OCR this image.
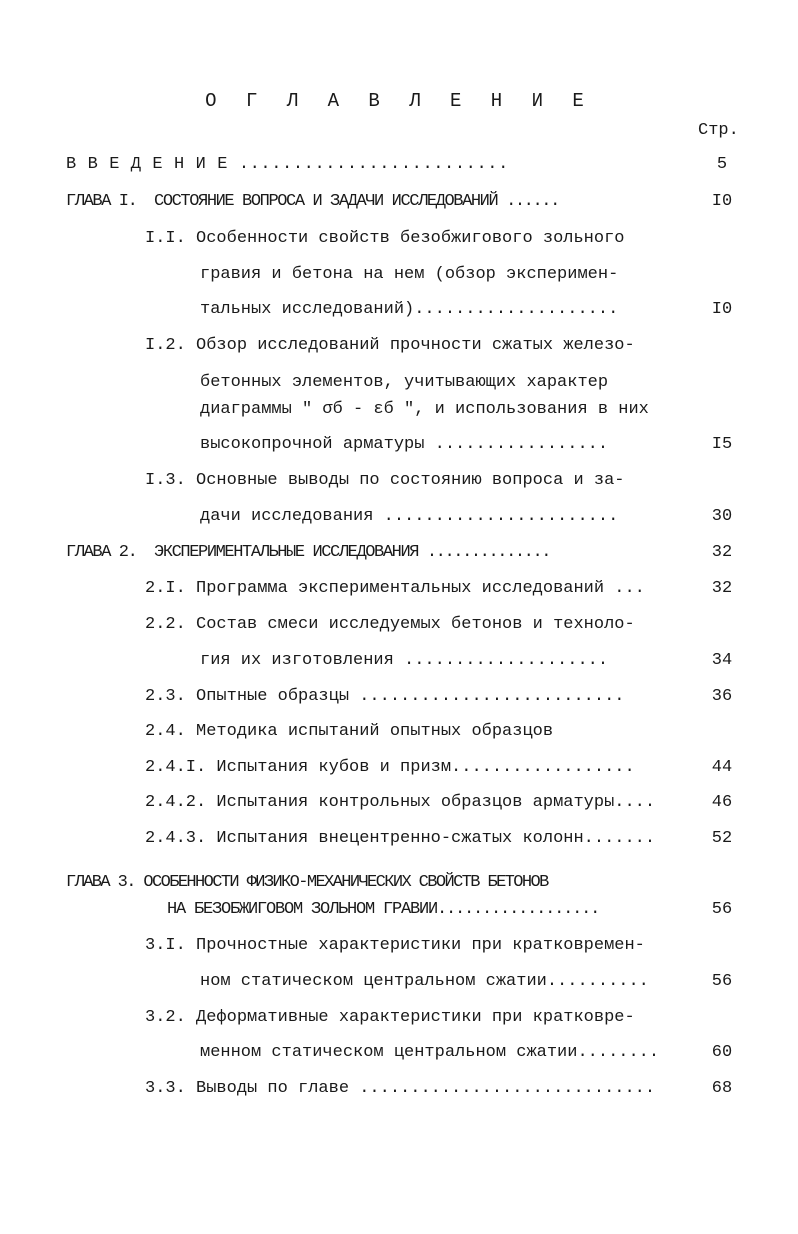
О Г Л А В Л Е Н И Е
Стр.
В В Е Д Е Н И Е .........................	5
ГЛАВА I.  СОСТОЯНИЕ ВОПРОСА И ЗАДАЧИ ИССЛЕДОВАНИЙ ......	I0
I.I. Особенности свойств безобжигового зольного
гравия и бетона на нем (обзор эксперимен-
тальных исследований)....................	I0
I.2. Обзор исследований прочности сжатых железо-
бетонных элементов, учитывающих характер
диаграммы " σб - εб ", и использования в них
высокопрочной арматуры .................	I5
I.3. Основные выводы по состоянию вопроса и за-
дачи исследования .......................	30
ГЛАВА 2.  ЭКСПЕРИМЕНТАЛЬНЫЕ ИССЛЕДОВАНИЯ ..............	32
2.I. Программа экспериментальных исследований ...	32
2.2. Состав смеси исследуемых бетонов и техноло-
гия их изготовления ....................	34
2.3. Опытные образцы ..........................	36
2.4. Методика испытаний опытных образцов
2.4.I. Испытания кубов и призм..................	44
2.4.2. Испытания контрольных образцов арматуры....	46
2.4.3. Испытания внецентренно-сжатых колонн.......	52
ГЛАВА 3. ОСОБЕННОСТИ ФИЗИКО-МЕХАНИЧЕСКИХ СВОЙСТВ БЕТОНОВ
НА БЕЗОБЖИГОВОМ ЗОЛЬНОМ ГРАВИИ..................	56
3.I. Прочностные характеристики при кратковремен-
ном статическом центральном сжатии..........	56
3.2. Деформативные характеристики при кратковре-
менном статическом центральном сжатии........	60
3.3. Выводы по главе .............................	68
